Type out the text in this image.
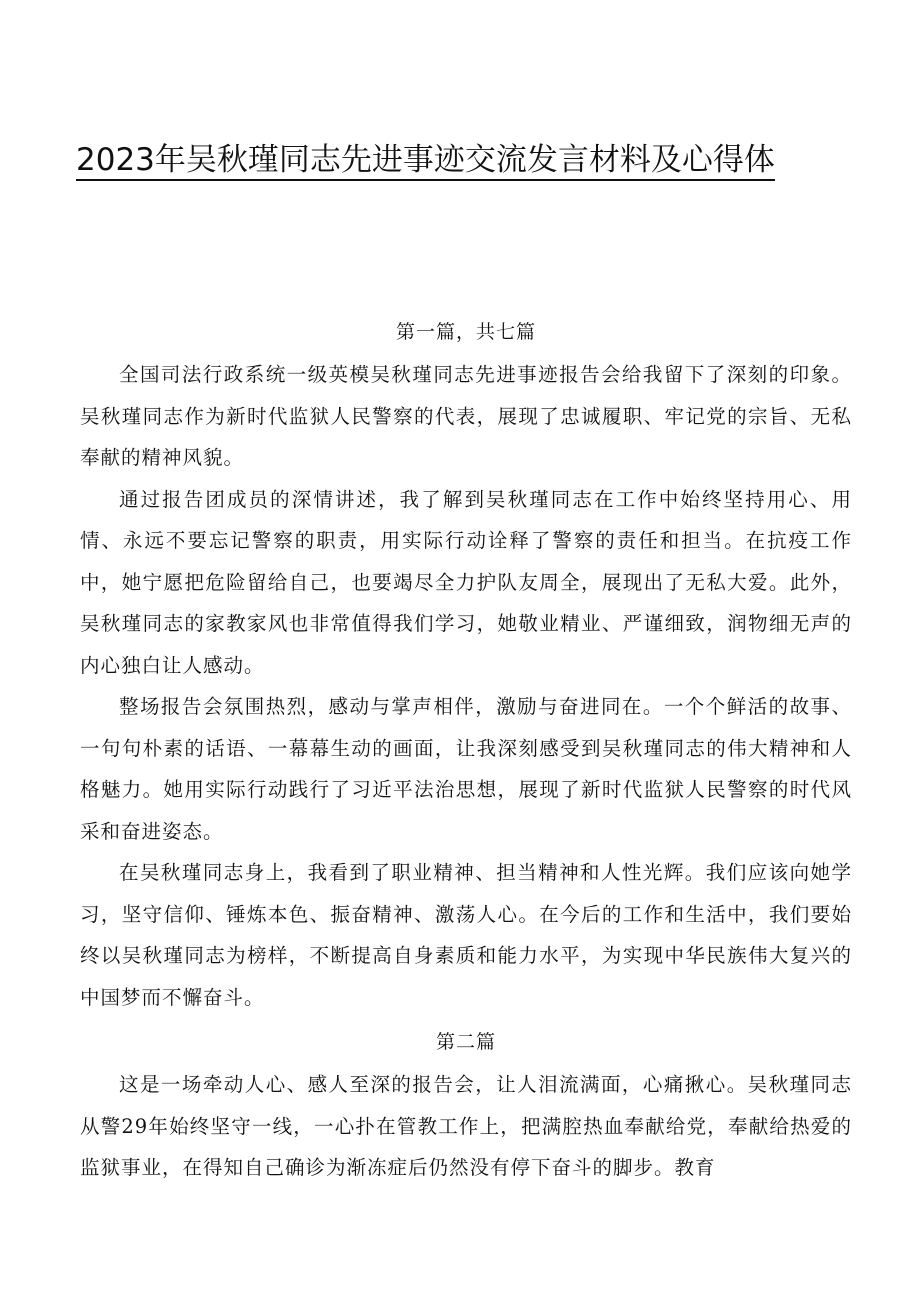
2023年吴秋瑾同志先进事迹交流发言材料及心得体
第一篇，共七篇

全国司法行政系统一级英模吴秋瑾同志先进事迹报告会给我留下了深刻的印象。吴秋瑾同志作为新时代监狱人民警察的代表，展现了忠诚履职、牢记党的宗旨、无私奉献的精神风貌。

通过报告团成员的深情讲述，我了解到吴秋瑾同志在工作中始终坚持用心、用情、永远不要忘记警察的职责，用实际行动诠释了警察的责任和担当。在抗疫工作中，她宁愿把危险留给自己，也要竭尽全力护队友周全，展现出了无私大爱。此外，吴秋瑾同志的家教家风也非常值得我们学习，她敬业精业、严谨细致，润物细无声的内心独白让人感动。

整场报告会氛围热烈，感动与掌声相伴，激励与奋进同在。一个个鲜活的故事、一句句朴素的话语、一幕幕生动的画面，让我深刻感受到吴秋瑾同志的伟大精神和人格魅力。她用实际行动践行了习近平法治思想，展现了新时代监狱人民警察的时代风采和奋进姿态。

在吴秋瑾同志身上，我看到了职业精神、担当精神和人性光辉。我们应该向她学习，坚守信仰、锤炼本色、振奋精神、激荡人心。在今后的工作和生活中，我们要始终以吴秋瑾同志为榜样，不断提高自身素质和能力水平，为实现中华民族伟大复兴的中国梦而不懈奋斗。

第二篇

这是一场牵动人心、感人至深的报告会，让人泪流满面，心痛揪心。吴秋瑾同志从警29年始终坚守一线，一心扑在管教工作上，把满腔热血奉献给党，奉献给热爱的监狱事业，在得知自己确诊为渐冻症后仍然没有停下奋斗的脚步。教育
